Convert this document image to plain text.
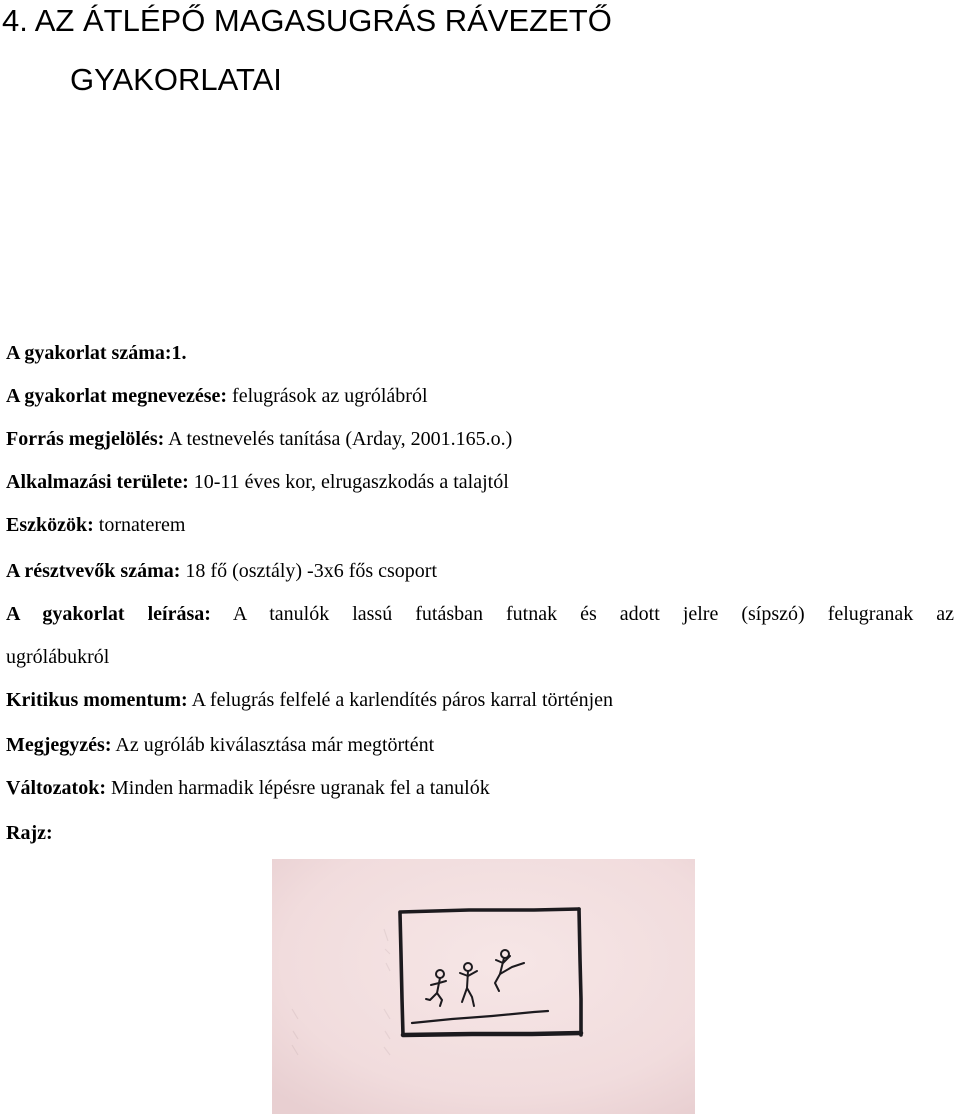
4. AZ ÁTLÉPŐ MAGASUGRÁS RÁVEZETŐ
GYAKORLATAI
A gyakorlat száma:1.
A gyakorlat megnevezése: felugrások az ugrólábról
Forrás megjelölés: A testnevelés tanítása (Arday, 2001.165.o.)
Alkalmazási területe: 10-11 éves kor, elrugaszkodás a talajtól
Eszközök: tornaterem
A résztvevők száma: 18 fő (osztály) -3x6 fős csoport
A gyakorlat leírása: A tanulók lassú futásban futnak és adott jelre (sípszó) felugranak az
ugrólábukról
Kritikus momentum: A felugrás felfelé a karlendítés páros karral történjen
Megjegyzés: Az ugróláb kiválasztása már megtörtént
Változatok: Minden harmadik lépésre ugranak fel a tanulók
Rajz:
